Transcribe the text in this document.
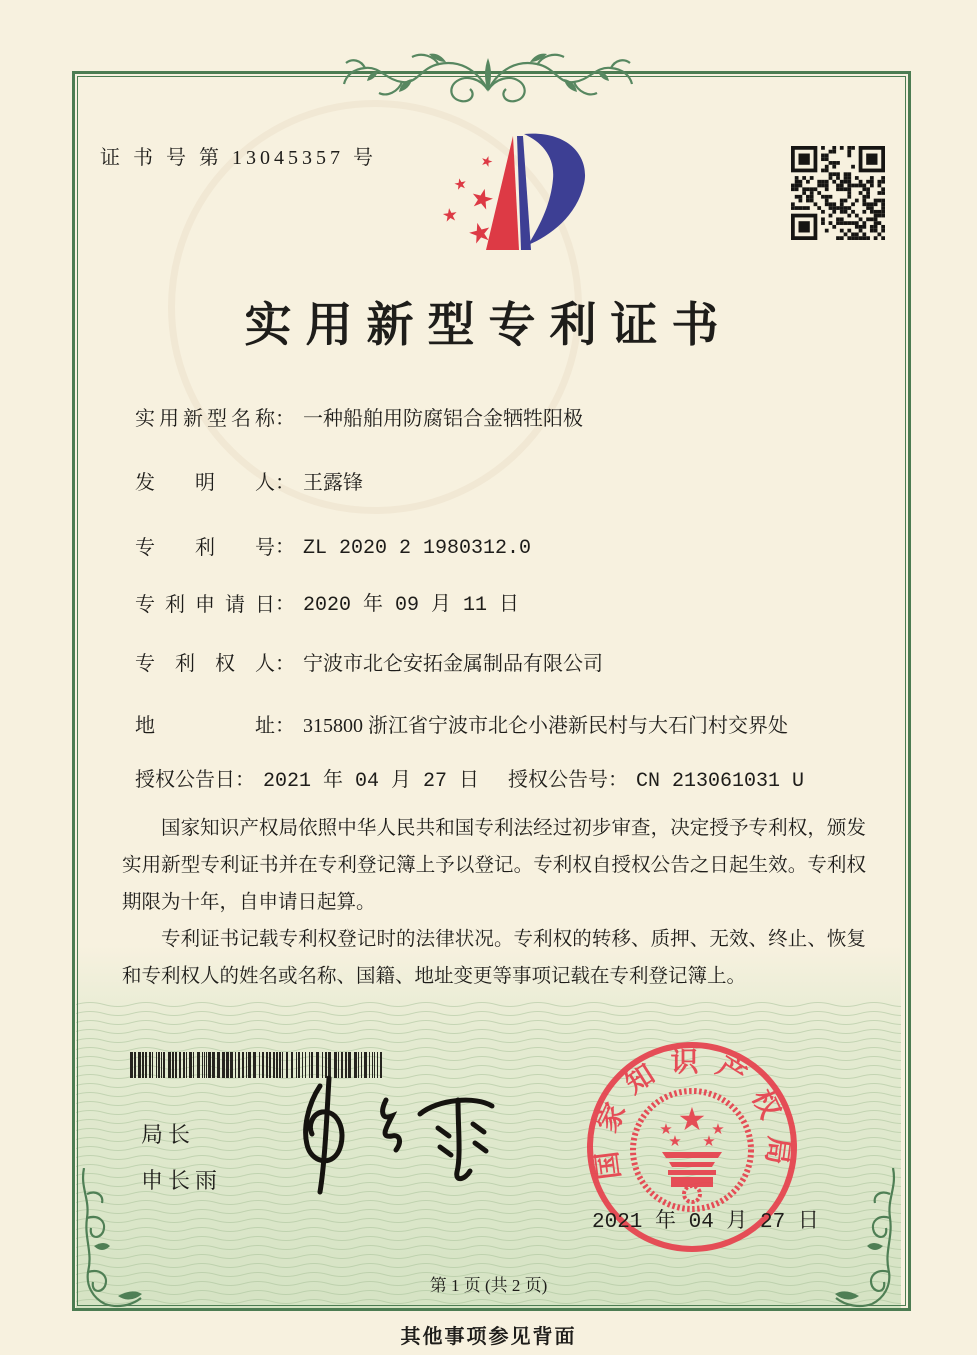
证 书 号 第 13045357 号	★
★
★
★
★
实用新型专利证书
实用新型名称： 一种船舶用防腐铝合金牺牲阳极
发明人： 王露锋
专利号： ZL 2020 2 1980312.0
专利申请日： 2020 年 09 月 11 日
专利权人： 宁波市北仑安拓金属制品有限公司
地址： 315800 浙江省宁波市北仑小港新民村与大石门村交界处
授权公告日： 2021 年 04 月 27 日 授权公告号： CN 213061031 U

国家知识产权局依照中华人民共和国专利法经过初步审查，决定授予专利权，颁发实用新型专利证书并在专利登记簿上予以登记。专利权自授权公告之日起生效。专利权期限为十年，自申请日起算。

专利证书记载专利权登记时的法律状况。专利权的转移、质押、无效、终止、恢复和专利权人的姓名或名称、国籍、地址变更等事项记载在专利登记簿上。

局长
申长雨	国家知识产权局
★
★	★
★ ★
2021 年 04 月 27 日
第 1 页 (共 2 页)
其他事项参见背面
